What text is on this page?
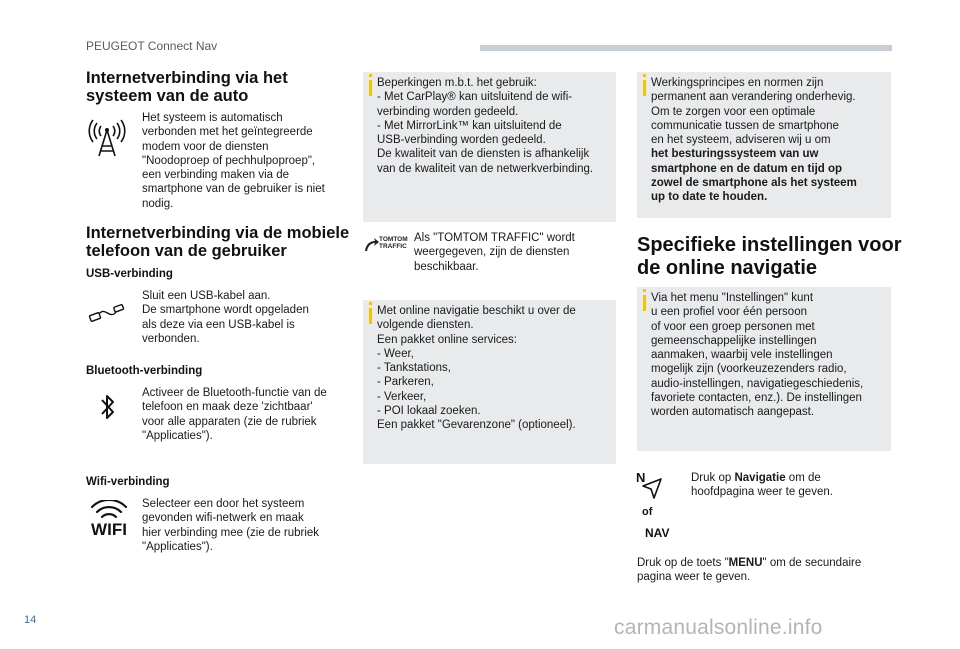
PEUGEOT Connect Nav
Internetverbinding via het
systeem van de auto
Het systeem is automatisch
verbonden met het geïntegreerde
modem voor de diensten
"Noodoproep of pechhulpoproep",
een verbinding maken via de
smartphone van de gebruiker is niet
nodig.
Internetverbinding via de mobiele
telefoon van de gebruiker
USB-verbinding
Sluit een USB-kabel aan.
De smartphone wordt opgeladen
als deze via een USB-kabel is
verbonden.
Bluetooth-verbinding
Activeer de Bluetooth-functie van de
telefoon en maak deze 'zichtbaar'
voor alle apparaten (zie de rubriek
"Applicaties").
Wifi-verbinding
WIFI
Selecteer een door het systeem
gevonden wifi-netwerk en maak
hier verbinding mee (zie de rubriek
"Applicaties").
Beperkingen m.b.t. het gebruik:
- Met CarPlay® kan uitsluitend de wifi-
verbinding worden gedeeld.
- Met MirrorLink™ kan uitsluitend de
USB-verbinding worden gedeeld.
De kwaliteit van de diensten is afhankelijk
van de kwaliteit van de netwerkverbinding.
TOMTOM
TRAFFIC
Als "TOMTOM TRAFFIC" wordt
weergegeven, zijn de diensten
beschikbaar.
Met online navigatie beschikt u over de
volgende diensten.
Een pakket online services:
- Weer,
- Tankstations,
- Parkeren,
- Verkeer,
- POI lokaal zoeken.
Een pakket "Gevarenzone" (optioneel).
Werkingsprincipes en normen zijn
permanent aan verandering onderhevig.
Om te zorgen voor een optimale
communicatie tussen de smartphone
en het systeem, adviseren wij u om
het besturingssysteem van uw
smartphone en de datum en tijd op
zowel de smartphone als het systeem
up to date te houden.
Specifieke instellingen voor
de online navigatie
Via het menu "Instellingen" kunt
u een profiel voor één persoon
of voor een groep personen met
gemeenschappelijke instellingen
aanmaken, waarbij vele instellingen
mogelijk zijn (voorkeuzezenders radio,
audio-instellingen, navigatiegeschiedenis,
favoriete contacten, enz.). De instellingen
worden automatisch aangepast.
N
of
NAV
Druk op Navigatie om de
hoofdpagina weer te geven.
Druk op de toets "MENU" om de secundaire
pagina weer te geven.
14	carmanualsonline.info
